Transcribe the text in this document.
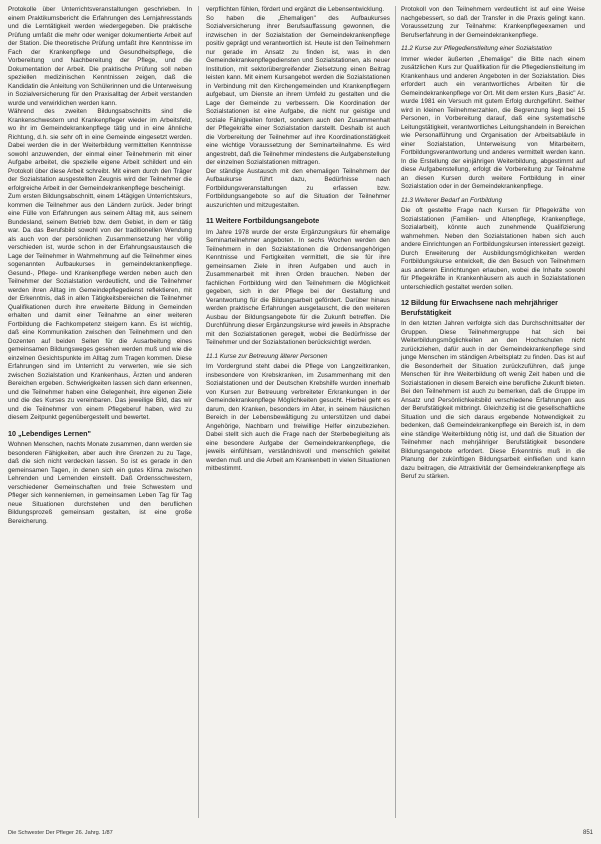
Protokolle über Unterrichtsveranstaltungen geschrieben. In einem Praktikumsbericht die Erfahrungen des Lernjahresstands und die Lerntätigkeit werden wiedergegeben. Die praktische Prüfung umfaßt die mehr oder weniger dokumentierte Arbeit auf der Station. Die theoretische Prüfung umfaßt ihre Kenntnisse im Fach der Krankenpflege und Gesundheitspflege, die Vorbereitung und Nachbereitung der Pflege, und die Dokumentation der Arbeit. Die praktische Prüfung soll neben speziellen medizinischen Kenntnissen zeigen, daß die Kandidatin die Anleitung von Schülerinnen und die Unterweisung in Sozialversicherung für den Praxisalltag der Arbeit verstanden wurde und verwirklichen werden kann.

Während des zweiten Bildungsabschnitts sind die Krankenschwestern und Krankenpfleger wieder im Arbeitsfeld, wo ihr im Gemeindekrankenpflege tätig und in eine ähnliche Richtung, d.h. sie sehr oft in eine Gemeinde eingesetzt werden. Dabei werden die in der Weiterbildung vermittelten Kenntnisse sowohl anzuwenden, der einmal einer Teilnehmerin mit einer Aufgabe arbeitet, die spezielle eigene Arbeit schildert und ein Protokoll über diese Arbeit schreibt. Mit einem durch den Träger der Sozialstation ausgestellten Zeugnis wird der Teilnehmer die erfolgreiche Arbeit in der Gemeindekrankenpflege bescheinigt.

Zum ersten Bildungsabschnitt, einem 14tägigen Unterrichtskurs, kommen die Teilnehmer aus den Ländern zurück. Jeder bringt eine Fülle von Erfahrungen aus seinem Alltag mit, aus seinem Bundesland, seinem Betrieb bzw. dem Gebiet, in dem er tätig war. Da das Berufsbild sowohl von der traditionellen Wendung als auch von der persönlichen Zusammensetzung her völlig verschieden ist, wurde schon in der Erfahrungsaustausch die Lage der Teilnehmer in Wahrnehmung auf die Teilnehmer eines sogenannten Aufbaukurses in gemeindekrankenpflege. Gesund-, Pflege- und Krankenpflege werden neben auch den Teilnehmer der Sozialstation verdeutlicht, und die Teilnehmer werden ihren Alltag im Gemeindepflegedienst reflektieren, mit der Erkenntnis, daß in allen Tätigkeitsbereichen die Teilnehmer Qualifikationen durch ihre erweiterte Bildung in Gemeinden erhalten und damit einer Teilnahme an einer weiteren Fortbildung die Fachkompetenz steigern kann. Es ist wichtig, daß eine Kommunikation zwischen den Teilnehmern und den Dozenten auf beiden Seiten für die Ausarbeitung eines gemeinsamen Bildungsweges gesehen werden muß und wie die einzelnen Gesichtspunkte im Alltag zum Tragen kommen. Diese Erfahrungen sind im Unterricht zu verwerten, wie sie sich zwischen Sozialstation und Krankenhaus, Ärzten und anderen Bereichen ergeben. Schwierigkeiten lassen sich dann erkennen, und die Teilnehmer haben eine Gelegenheit, ihre eigenen Ziele und die des Kurses zu vereinbaren. Das jeweilige Bild, das wir und die Teilnehmer von einem Pflegeberuf haben, wird zu diesem Zeitpunkt gegenübergestellt und bewertet.

10 „Lebendiges Lernen"

Wohnen Menschen, nachts Monate zusammen, dann werden sie besonderen Fähigkeiten, aber auch ihre Grenzen zu zu Tage, daß die sich nicht verdecken lassen. So ist es gerade in den gemeinsamen Tagen, in denen sich ein gutes Klima zwischen Lehrenden und Lernenden einstellt. Daß Ordensschwestern, verschiedener Gemeinschaften und freie Schwestern und Pfleger sich kennenlernen, in gemeinsamen Leben Tag für Tag neue Situationen durchstehen und den beruflichen Bildungsprozeß gemeinsam gestalten, ist eine große Bereicherung.

verpflichten fühlen, fördert und ergänzt die Lebensentwicklung.

So haben die „Ehemaligen" des Aufbaukurses Sozialversicherung ihrer Berufsauffassung gewonnen, die inzwischen in der Sozialstation der Gemeindekrankenpflege positiv geprägt und verantwortlich ist. Heute ist den Teilnehmern nur gerade im Ansatz zu finden ist, was in den Gemeindekrankenpflegediensten und Sozialstationen, als neuer Institution, mit sektorübergreifender Zielsetzung einen Beitrag leisten kann. Mit einem Kursangebot werden die Sozialstationen in Verbindung mit den Kirchengemeinden und Krankenpflegern aufgebaut, um Dienste an ihrem Umfeld zu gestalten und die Lage der Gemeinde zu verbessern. Die Koordination der Sozialstationen ist eine Aufgabe, die nicht nur geistige und soziale Fähigkeiten fordert, sondern auch den Zusammenhalt der Pflegekräfte einer Sozialstation darstellt. Deshalb ist auch die Vorbereitung der Teilnehmer auf ihre Koordinationstätigkeit eine wichtige Voraussetzung der Seminarteilnahme. Es wird angestrebt, daß die Teilnehmer mindestens die Aufgabenstellung der einzelnen Sozialstationen mittragen.

Der ständige Austausch mit den ehemaligen Teilnehmern der Aufbaukurse führt dazu, Bedürfnisse nach Fortbildungsveranstaltungen zu erfassen bzw. Fortbildungsangebote so auf die Situation der Teilnehmer auszurichten und mitzugestalten.

11 Weitere Fortbildungsangebote

Im Jahre 1978 wurde der erste Ergänzungskurs für ehemalige Seminarteilnehmer angeboten. In sechs Wochen werden den Teilnehmern in den Sozialstationen die Ordensangehörigen Kenntnisse und Fertigkeiten vermittelt, die sie für ihre gemeinsamen Ziele in ihren Aufgaben und auch in Zusammenarbeit mit ihren Orden brauchen. Neben der fachlichen Fortbildung wird den Teilnehmern die Möglichkeit gegeben, sich in der Pflege bei der Gestaltung und Verantwortung für die Bildungsarbeit gefördert. Darüber hinaus werden praktische Erfahrungen ausgetauscht, die den weiteren Ausbau der Bildungsangebote für die Zukunft betreffen. Die Durchführung dieser Ergänzungskurse wird jeweils in Absprache mit den Sozialstationen geregelt, wobei die Bedürfnisse der Teilnehmer und der Sozialstationen berücksichtigt werden.

11.1 Kurse zur Betreuung älterer Personen

Im Vordergrund steht dabei die Pflege von Langzeitkranken, insbesondere von Krebskranken, im Zusammenhang mit den Sozialstationen und der Deutschen Krebshilfe wurden innerhalb von Kursen zur Betreuung verbreiteter Erkrankungen in der Gemeindekrankenpflege Möglichkeiten gesucht. Hierbei geht es darum, den Kranken, besonders im Alter, in seinem häuslichen Bereich in der Lebensbewältigung zu unterstützen und dabei Angehörige, Nachbarn und freiwillige Helfer einzubeziehen. Dabei stellt sich auch die Frage nach der Sterbebegleitung als eine besondere Aufgabe der Gemeindekrankenpflege, die jeweils einfühlsam, verständnisvoll und menschlich geleitet werden muß und die Arbeit am Krankenbett in vielen Situationen mitbestimmt.

Protokoll von den Teilnehmern verdeutlicht ist auf eine Weise nachgebessert, so daß der Transfer in die Praxis gelingt kann. Voraussetzung zur Teilnahme: Krankenpflegeexamen und Berufserfahrung in der Gemeindekrankenpflege.

11.2 Kurse zur Pflegedienstleitung einer Sozialstation

Immer wieder äußerten „Ehemalige" die Bitte nach einem zusätzlichen Kurs zur Qualifikation für die Pflegedienstleitung im Krankenhaus und anderen Angeboten in der Sozialstation. Dies erfordert auch ein verantwortliches Arbeiten für die Gemeindekrankenpflege vor Ort. Mit dem ersten Kurs „Basic" Ar. wurde 1981 ein Versuch mit gutem Erfolg durchgeführt. Seither wird in kleinen Teilnehmerzahlen, die Begrenzung liegt bei 15 Personen, in Vorbereitung darauf, daß eine systematische Leitungstätigkeit, verantwortliches Leitungshandeln in Bereichen wie Personalführung und Organisation der Arbeitsabläufe in einer Sozialstation, Unterweisung von Mitarbeitern, Fortbildungsverantwortung und anderes vermittelt werden kann. In die Erstellung der einjährigen Weiterbildung, abgestimmt auf diese Aufgabenstellung, erfolgt die Vorbereitung zur Teilnahme an diesen Kursen durch weitere Fortbildung in einer Sozialstation oder in der Gemeindekrankenpflege.

11.3 Weiterer Bedarf an Fortbildung

Die oft gestellte Frage nach Kursen für Pflegekräfte von Sozialstationen (Familien- und Altenpflege, Krankenpflege, Sozialarbeit), könnte auch zunehmende Qualifizierung wahrnehmen. Neben den Sozialstationen haben sich auch andere Einrichtungen an Fortbildungskursen interessiert gezeigt. Durch Erweiterung der Ausbildungsmöglichkeiten werden Fortbildungskurse entwickelt, die den Besuch von Teilnehmern aus anderen Einrichtungen erlauben, wobei die Inhalte sowohl für Pflegekräfte in Krankenhäusern als auch in Sozialstationen unterschiedlich gestaltet werden sollen.

12 Bildung für Erwachsene nach mehrjähriger Berufstätigkeit

In den letzten Jahren verfolgte sich das Durchschnittsalter der Gruppen. Diese Teilnehmergruppe hat sich bei Weiterbildungsmöglichkeiten an den Hochschulen nicht zurückziehen, dafür auch in der Gemeindekrankenpflege sind junge Menschen im ständigen Arbeitsplatz zu finden. Das ist auf die Besonderheit der Situation zurückzuführen, daß junge Menschen für ihre Weiterbildung oft wenig Zeit haben und die Sozialstationen in diesem Bereich eine berufliche Zukunft bieten. Bei den Teilnehmern ist auch zu bemerken, daß die Gruppe im Ansatz und Persönlichkeitsbild verschiedene Erfahrungen aus der Berufstätigkeit mitbringt. Gleichzeitig ist die gesellschaftliche Situation und die sich daraus ergebende Notwendigkeit zu bedenken, daß Gemeindekrankenpflege ein Bereich ist, in dem eine ständige Weiterbildung nötig ist, und daß die Situation der Teilnehmer nach mehrjähriger Berufstätigkeit besondere Bildungsangebote erfordert. Diese Erkenntnis muß in die Planung der zukünftigen Bildungsarbeit einfließen und kann dazu beitragen, die Attraktivität der Gemeindekrankenpflege als Beruf zu stärken.

Die Schwester Der Pfleger 26. Jahrg. 1/87	851
